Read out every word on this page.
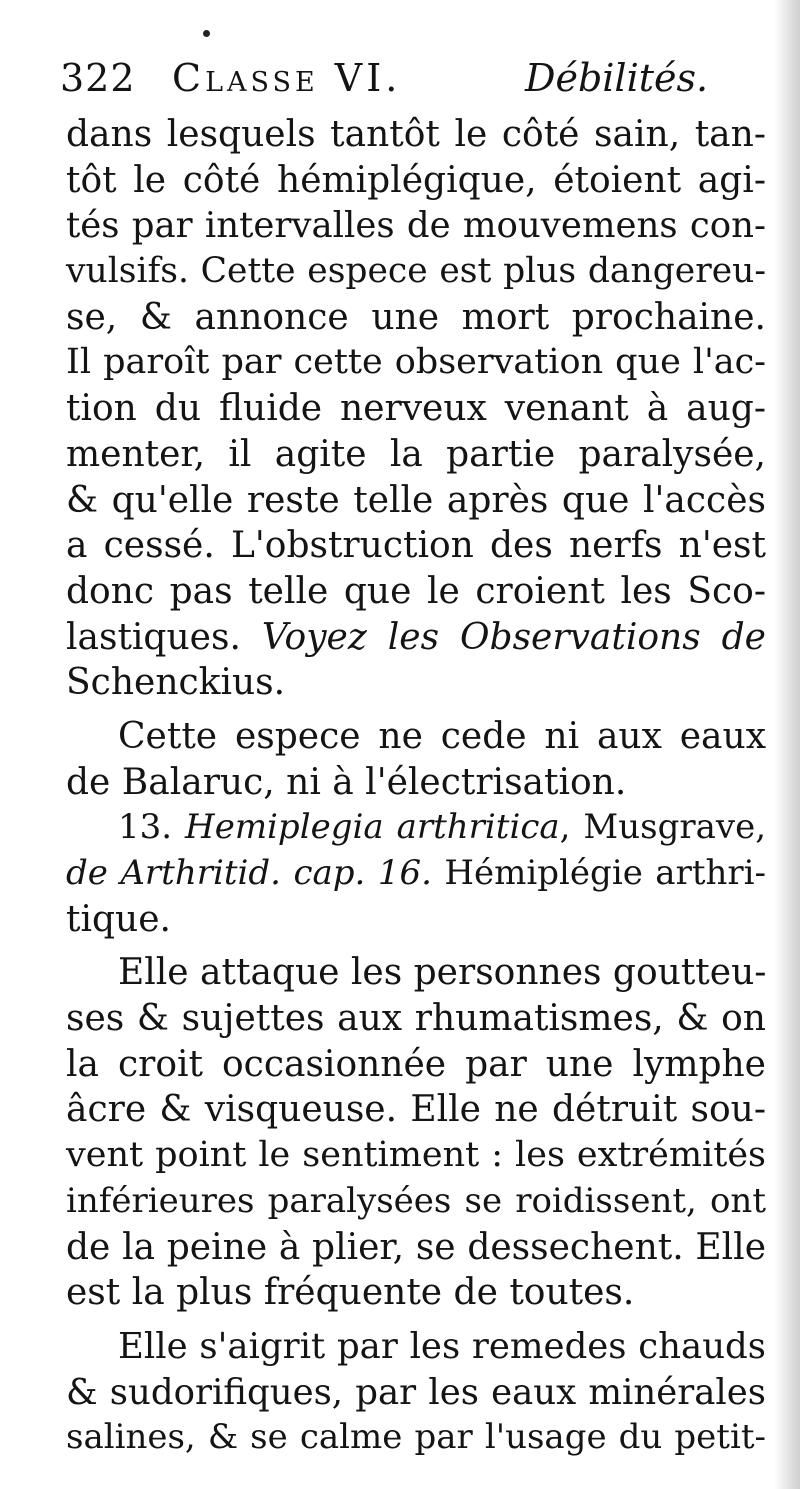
322 Classe VI.	Débilités.
dans lesquels tantôt le côté sain, tan-
tôt le côté hémiplégique, étoient agi-
tés par intervalles de mouvemens con-
vulsifs. Cette espece est plus dangereu-
se, & annonce une mort prochaine.
Il paroît par cette observation que l'ac-
tion du fluide nerveux venant à aug-
menter, il agite la partie paralysée,
& qu'elle reste telle après que l'accès
a cessé. L'obstruction des nerfs n'est
donc pas telle que le croient les Sco-
lastiques. Voyez les Observations de
Schenckius.
Cette espece ne cede ni aux eaux
de Balaruc, ni à l'électrisation.
13. Hemiplegia arthritica, Musgrave,
de Arthritid. cap. 16. Hémiplégie arthri-
tique.
Elle attaque les personnes goutteu-
ses & sujettes aux rhumatismes, & on
la croit occasionnée par une lymphe
âcre & visqueuse. Elle ne détruit sou-
vent point le sentiment : les extrémités
inférieures paralysées se roidissent, ont
de la peine à plier, se dessechent. Elle
est la plus fréquente de toutes.
Elle s'aigrit par les remedes chauds
& sudorifiques, par les eaux minérales
salines, & se calme par l'usage du petit-
